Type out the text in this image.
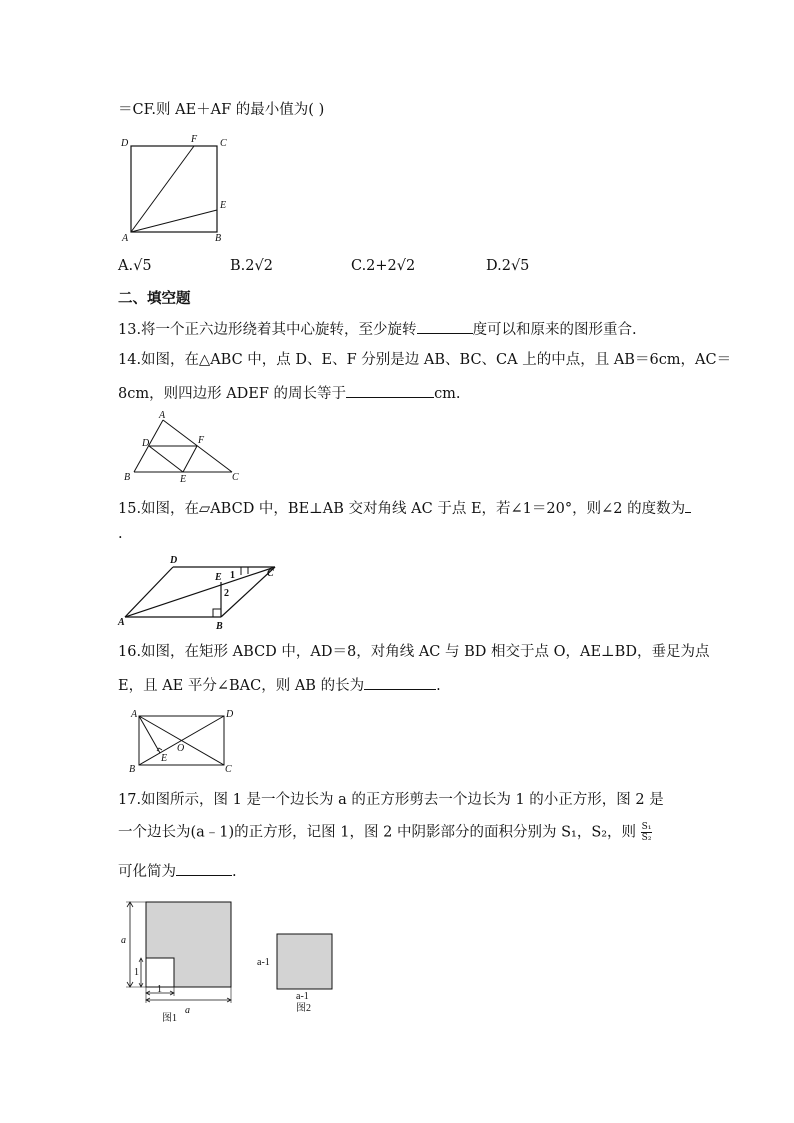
＝CF.则 AE＋AF 的最小值为( )
D	F C
E
A	B
A.√5	B.2√2	C.2+2√2	D.2√5
二、填空题
13.将一个正六边形绕着其中心旋转，至少旋转	度可以和原来的图形重合.
14.如图，在△ABC 中，点 D、E、F 分别是边 AB、BC、CA 上的中点，且 AB＝6cm，AC＝
8cm，则四边形 ADEF 的周长等于	cm.
A
D	F
B	E	C
15.如图，在▱ABCD 中，BE⊥AB 交对角线 AC 于点 E，若∠1＝20°，则∠2 的度数为
.
D
E 1	C
2
A	B
16.如图，在矩形 ABCD 中，AD＝8，对角线 AC 与 BD 相交于点 O，AE⊥BD，垂足为点
E，且 AE 平分∠BAC，则 AB 的长为	.
A	D
O
E
B	C
17.如图所示，图 1 是一个边长为 a 的正方形剪去一个边长为 1 的小正方形，图 2 是
一个边长为(a﹣1)的正方形，记图 1，图 2 中阴影部分的面积分别为 S₁，S₂，则 $\frac{\text{S₁}}{\text{S₂}}$
可化简为	.
a
1
1
a
图1
a-1
a-1
图2
